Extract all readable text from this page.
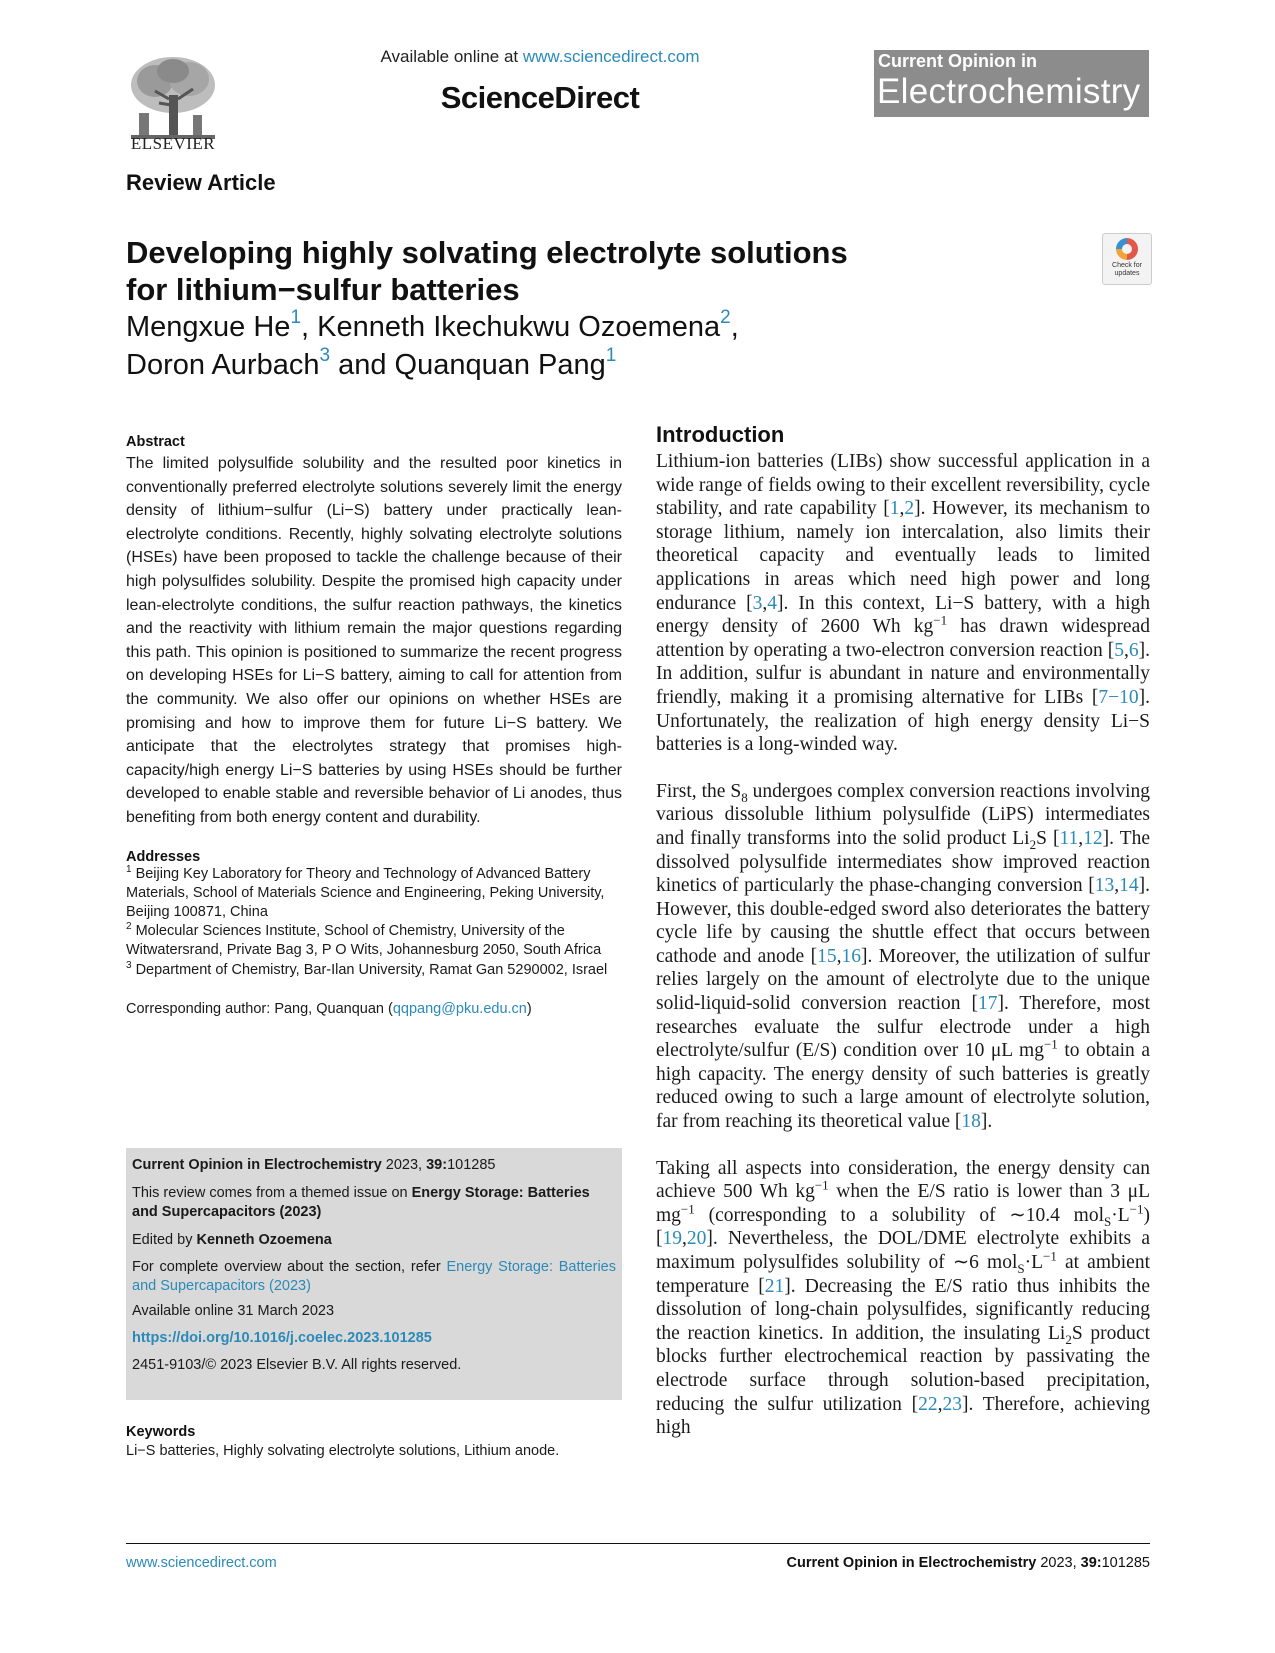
ELSEVIER
Available online at www.sciencedirect.com
ScienceDirect
Current Opinion in
Electrochemistry
Review Article
Developing highly solvating electrolyte solutions
for lithium−sulfur batteries
Check for updates
Mengxue He$^1$, Kenneth Ikechukwu Ozoemena$^2$,
Doron Aurbach$^3$ and Quanquan Pang$^1$
Abstract
The limited polysulfide solubility and the resulted poor kinetics in conventionally preferred electrolyte solutions severely limit the energy density of lithium−sulfur (Li−S) battery under practically lean-electrolyte conditions. Recently, highly solvating electrolyte solutions (HSEs) have been proposed to tackle the challenge because of their high polysulfides solubility. Despite the promised high capacity under lean-electrolyte conditions, the sulfur reaction pathways, the kinetics and the reactivity with lithium remain the major questions regarding this path. This opinion is positioned to summarize the recent progress on developing HSEs for Li−S battery, aiming to call for attention from the community. We also offer our opinions on whether HSEs are promising and how to improve them for future Li−S battery. We anticipate that the electrolytes strategy that promises high-capacity/high energy Li−S batteries by using HSEs should be further developed to enable stable and reversible behavior of Li anodes, thus benefiting from both energy content and durability.
Addresses
$^1$ Beijing Key Laboratory for Theory and Technology of Advanced Battery Materials, School of Materials Science and Engineering, Peking University, Beijing 100871, China
$^2$ Molecular Sciences Institute, School of Chemistry, University of the Witwatersrand, Private Bag 3, P O Wits, Johannesburg 2050, South Africa
$^3$ Department of Chemistry, Bar-Ilan University, Ramat Gan 5290002, Israel
Corresponding author: Pang, Quanquan (qqpang@pku.edu.cn)
Current Opinion in Electrochemistry 2023, 39:101285
This review comes from a themed issue on Energy Storage: Batteries and Supercapacitors (2023)
Edited by Kenneth Ozoemena
For complete overview about the section, refer Energy Storage: Batteries and Supercapacitors (2023)
Available online 31 March 2023
https://doi.org/10.1016/j.coelec.2023.101285
2451-9103/© 2023 Elsevier B.V. All rights reserved.
Keywords
Li−S batteries, Highly solvating electrolyte solutions, Lithium anode.
Introduction

Lithium-ion batteries (LIBs) show successful application in a wide range of fields owing to their excellent reversibility, cycle stability, and rate capability [1,2]. However, its mechanism to storage lithium, namely ion intercalation, also limits their theoretical capacity and eventually leads to limited applications in areas which need high power and long endurance [3,4]. In this context, Li−S battery, with a high energy density of 2600 Wh $kg^{-1}$ has drawn widespread attention by operating a two-electron conversion reaction [5,6]. In addition, sulfur is abundant in nature and environmentally friendly, making it a promising alternative for LIBs [7−10]. Unfortunately, the realization of high energy density Li−S batteries is a long-winded way.

First, the $S_8$ undergoes complex conversion reactions involving various dissoluble lithium polysulfide (LiPS) intermediates and finally transforms into the solid product $Li_2S$ [11,12]. The dissolved polysulfide intermediates show improved reaction kinetics of particularly the phase-changing conversion [13,14]. However, this double-edged sword also deteriorates the battery cycle life by causing the shuttle effect that occurs between cathode and anode [15,16]. Moreover, the utilization of sulfur relies largely on the amount of electrolyte due to the unique solid-liquid-solid conversion reaction [17]. Therefore, most researches evaluate the sulfur electrode under a high electrolyte/sulfur (E/S) condition over 10 μL $mg^{-1}$ to obtain a high capacity. The energy density of such batteries is greatly reduced owing to such a large amount of electrolyte solution, far from reaching its theoretical value [18].

Taking all aspects into consideration, the energy density can achieve 500 Wh $kg^{-1}$ when the E/S ratio is lower than 3 μL $mg^{-1}$ (corresponding to a solubility of ∼10.4 $mol_S\cdot L^{-1}$) [19,20]. Nevertheless, the DOL/DME electrolyte exhibits a maximum polysulfides solubility of ∼6 $mol_S\cdot L^{-1}$ at ambient temperature [21]. Decreasing the E/S ratio thus inhibits the dissolution of long-chain polysulfides, significantly reducing the reaction kinetics. In addition, the insulating $Li_2S$ product blocks further electrochemical reaction by passivating the electrode surface through solution-based precipitation, reducing the sulfur utilization [22,23]. Therefore, achieving high

www.sciencedirect.com	Current Opinion in Electrochemistry 2023, 39:101285
